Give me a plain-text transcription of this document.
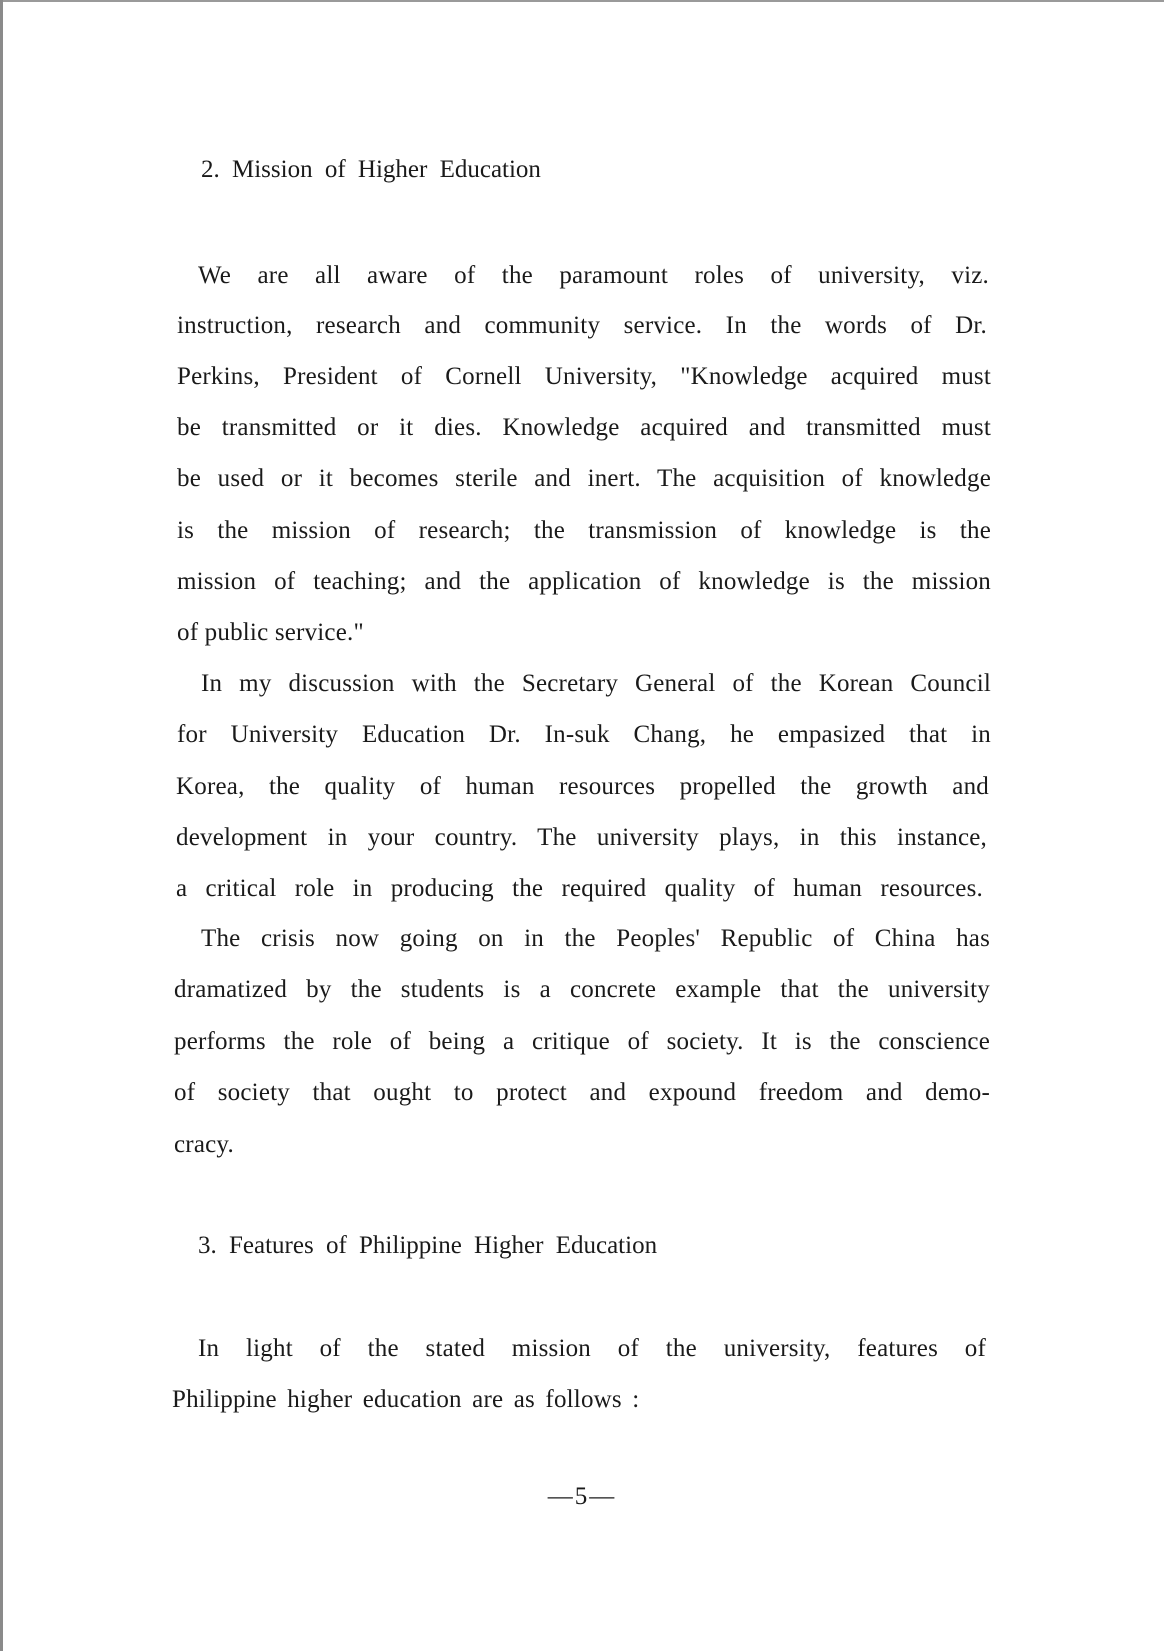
2. Mission of Higher Education
We are all aware of the paramount roles of university, viz.
instruction, research and community service. In the words of Dr.
Perkins, President of Cornell University, "Knowledge acquired must
be transmitted or it dies. Knowledge acquired and transmitted must
be used or it becomes sterile and inert. The acquisition of knowledge
is the mission of research; the transmission of knowledge is the
mission of teaching; and the application of knowledge is the mission
of public service."
In my discussion with the Secretary General of the Korean Council
for University Education Dr. In-suk Chang, he empasized that in
Korea, the quality of human resources propelled the growth and
development in your country. The university plays, in this instance,
a critical role in producing the required quality of human resources.
The crisis now going on in the Peoples' Republic of China has
dramatized by the students is a concrete example that the university
performs the role of being a critique of society. It is the conscience
of society that ought to protect and expound freedom and demo-
cracy.
3. Features of Philippine Higher Education
In light of the stated mission of the university, features of
Philippine higher education are as follows :
—5—
